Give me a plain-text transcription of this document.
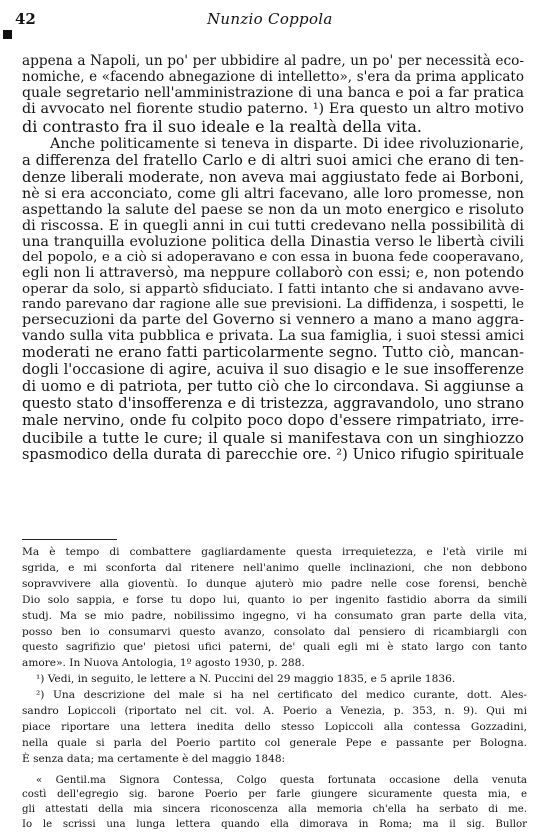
42	Nunzio Coppola
appena a Napoli, un po' per ubbidire al padre, un po' per necessità eco-
nomiche, e «facendo abnegazione di intelletto», s'era da prima applicato
quale segretario nell'amministrazione di una banca e poi a far pratica
di avvocato nel fiorente studio paterno. ¹) Era questo un altro motivo
di contrasto fra il suo ideale e la realtà della vita.
Anche politicamente si teneva in disparte. Di idee rivoluzionarie,
a differenza del fratello Carlo e di altri suoi amici che erano di ten-
denze liberali moderate, non aveva mai aggiustato fede ai Borboni,
nè si era acconciato, come gli altri facevano, alle loro promesse, non
aspettando la salute del paese se non da un moto energico e risoluto
di riscossa. E in quegli anni in cui tutti credevano nella possibilità di
una tranquilla evoluzione politica della Dinastia verso le libertà civili
del popolo, e a ciò si adoperavano e con essa in buona fede cooperavano,
egli non li attraversò, ma neppure collaborò con essi; e, non potendo
operar da solo, si appartò sfiduciato. I fatti intanto che si andavano avve-
rando parevano dar ragione alle sue previsioni. La diffidenza, i sospetti, le
persecuzioni da parte del Governo si vennero a mano a mano aggra-
vando sulla vita pubblica e privata. La sua famiglia, i suoi stessi amici
moderati ne erano fatti particolarmente segno. Tutto ciò, mancan-
dogli l'occasione di agire, acuiva il suo disagio e le sue insofferenze
di uomo e di patriota, per tutto ciò che lo circondava. Si aggiunse a
questo stato d'insofferenza e di tristezza, aggravandolo, uno strano
male nervino, onde fu colpito poco dopo d'essere rimpatriato, irre-
ducibile a tutte le cure; il quale si manifestava con un singhiozzo
spasmodico della durata di parecchie ore. ²) Unico rifugio spirituale
Ma è tempo di combattere gagliardamente questa irrequietezza, e l'età virile mi
sgrida, e mi sconforta dal ritenere nell'animo quelle inclinazioni, che non debbono
sopravvivere alla gioventù. Io dunque ajuterò mio padre nelle cose forensi, benchè
Dio solo sappia, e forse tu dopo lui, quanto io per ingenito fastidio aborra da simili
studj. Ma se mio padre, nobilissimo ingegno, vi ha consumato gran parte della vita,
posso ben io consumarvi questo avanzo, consolato dal pensiero di ricambiargli con
questo sagrifizio que' pietosi ufici paterni, de' quali egli mi è stato largo con tanto
amore». In Nuova Antologia, 1º agosto 1930, p. 288.
¹) Vedi, in seguito, le lettere a N. Puccini del 29 maggio 1835, e 5 aprile 1836.
²) Una descrizione del male si ha nel certificato del medico curante, dott. Ales-
sandro Lopiccoli (riportato nel cit. vol. A. Poerio a Venezia, p. 353, n. 9). Qui mi
piace riportare una lettera inedita dello stesso Lopiccoli alla contessa Gozzadini,
nella quale si parla del Poerio partito col generale Pepe e passante per Bologna.
È senza data; ma certamente è del maggio 1848:
« Gentil.ma Signora Contessa, Colgo questa fortunata occasione della venuta
costì dell'egregio sig. barone Poerio per farle giungere sicuramente questa mia, e
gli attestati della mia sincera riconoscenza alla memoria ch'ella ha serbato di me.
Io le scrissi una lunga lettera quando ella dimorava in Roma; ma il sig. Bullor
